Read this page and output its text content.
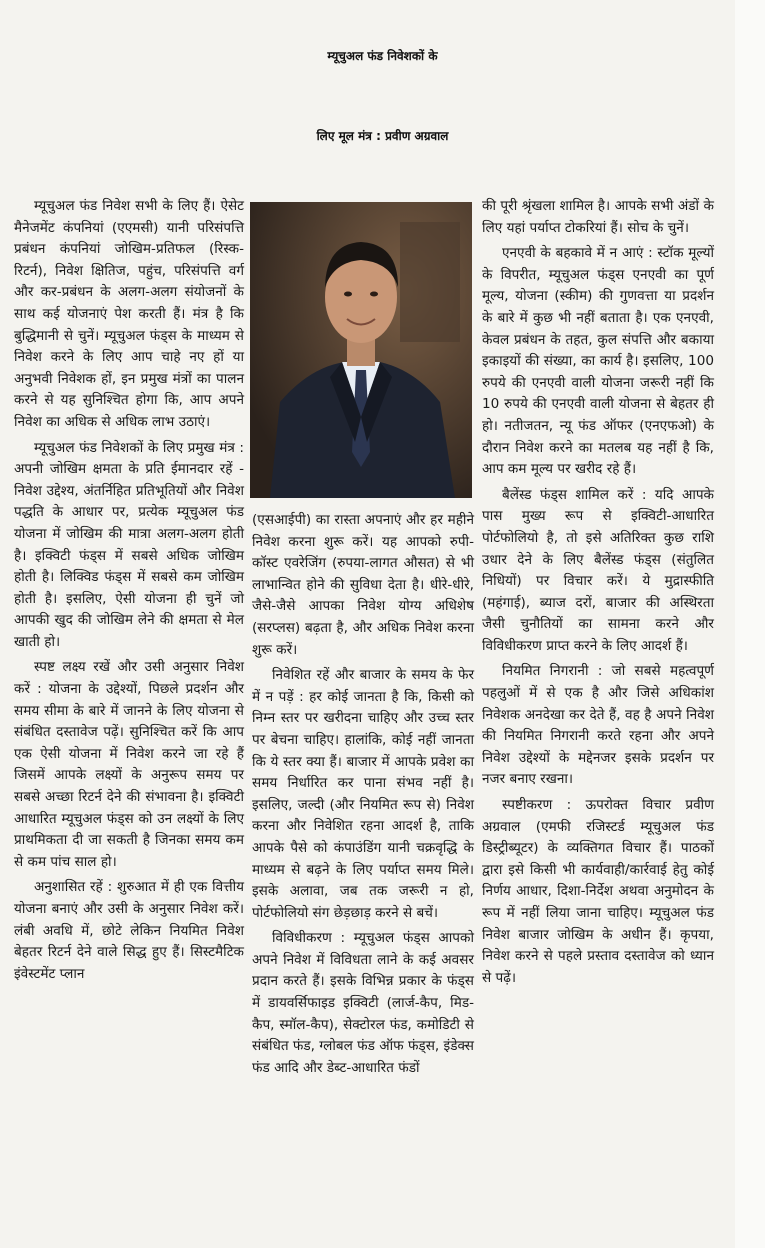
म्यूचुअल फंड निवेशकों के
लिए मूल मंत्र : प्रवीण अग्रवाल

म्यूचुअल फंड निवेश सभी के लिए हैं। ऐसेट मैनेजमेंट कंपनियां (एएमसी) यानी परिसंपत्ति प्रबंधन कंपनियां जोखिम-प्रतिफल (रिस्क-रिटर्न), निवेश क्षितिज, पहुंच, परिसंपत्ति वर्ग और कर-प्रबंधन के अलग-अलग संयोजनों के साथ कई योजनाएं पेश करती हैं। मंत्र है कि बुद्धिमानी से चुनें। म्यूचुअल फंड्स के माध्यम से निवेश करने के लिए आप चाहे नए हों या अनुभवी निवेशक हों, इन प्रमुख मंत्रों का पालन करने से यह सुनिश्चित होगा कि, आप अपने निवेश का अधिक से अधिक लाभ उठाएं।

म्यूचुअल फंड निवेशकों के लिए प्रमुख मंत्र : अपनी जोखिम क्षमता के प्रति ईमानदार रहें - निवेश उद्देश्य, अंतर्निहित प्रतिभूतियों और निवेश पद्धति के आधार पर, प्रत्येक म्यूचुअल फंड योजना में जोखिम की मात्रा अलग-अलग होती है। इक्विटी फंड्स में सबसे अधिक जोखिम होती है। लिक्विड फंड्स में सबसे कम जोखिम होती है। इसलिए, ऐसी योजना ही चुनें जो आपकी खुद की जोखिम लेने की क्षमता से मेल खाती हो।

स्पष्ट लक्ष्य रखें और उसी अनुसार निवेश करें : योजना के उद्देश्यों, पिछले प्रदर्शन और समय सीमा के बारे में जानने के लिए योजना से संबंधित दस्तावेज पढ़ें। सुनिश्चित करें कि आप एक ऐसी योजना में निवेश करने जा रहे हैं जिसमें आपके लक्ष्यों के अनुरूप समय पर सबसे अच्छा रिटर्न देने की संभावना है। इक्विटी आधारित म्यूचुअल फंड्स को उन लक्ष्यों के लिए प्राथमिकता दी जा सकती है जिनका समय कम से कम पांच साल हो।

अनुशासित रहें : शुरुआत में ही एक वित्तीय योजना बनाएं और उसी के अनुसार निवेश करें। लंबी अवधि में, छोटे लेकिन नियमित निवेश बेहतर रिटर्न देने वाले सिद्ध हुए हैं। सिस्टमैटिक इंवेस्टमेंट प्लान

(एसआईपी) का रास्ता अपनाएं और हर महीने निवेश करना शुरू करें। यह आपको रुपी-कॉस्ट एवरेजिंग (रुपया-लागत औसत) से भी लाभान्वित होने की सुविधा देता है। धीरे-धीरे, जैसे-जैसे आपका निवेश योग्य अधिशेष (सरप्लस) बढ़ता है, और अधिक निवेश करना शुरू करें।

निवेशित रहें और बाजार के समय के फेर में न पड़ें : हर कोई जानता है कि, किसी को निम्न स्तर पर खरीदना चाहिए और उच्च स्तर पर बेचना चाहिए। हालांकि, कोई नहीं जानता कि ये स्तर क्या हैं। बाजार में आपके प्रवेश का समय निर्धारित कर पाना संभव नहीं है। इसलिए, जल्दी (और नियमित रूप से) निवेश करना और निवेशित रहना आदर्श है, ताकि आपके पैसे को कंपाउंडिंग यानी चक्रवृद्धि के माध्यम से बढ़ने के लिए पर्याप्त समय मिले। इसके अलावा, जब तक जरूरी न हो, पोर्टफोलियो संग छेड़छाड़ करने से बचें।

विविधीकरण : म्यूचुअल फंड्स आपको अपने निवेश में विविधता लाने के कई अवसर प्रदान करते हैं। इसके विभिन्न प्रकार के फंड्स में डायवर्सिफाइड इक्विटी (लार्ज-कैप, मिड-कैप, स्मॉल-कैप), सेक्टोरल फंड, कमोडिटी से संबंधित फंड, ग्लोबल फंड ऑफ फंड्स, इंडेक्स फंड आदि और डेब्ट-आधारित फंडों

की पूरी श्रृंखला शामिल है। आपके सभी अंडों के लिए यहां पर्याप्त टोकरियां हैं। सोच के चुनें।

एनएवी के बहकावे में न आएं : स्टॉक मूल्यों के विपरीत, म्यूचुअल फंड्स एनएवी का पूर्ण मूल्य, योजना (स्कीम) की गुणवत्ता या प्रदर्शन के बारे में कुछ भी नहीं बताता है। एक एनएवी, केवल प्रबंधन के तहत, कुल संपत्ति और बकाया इकाइयों की संख्या, का कार्य है। इसलिए, 100 रुपये की एनएवी वाली योजना जरूरी नहीं कि 10 रुपये की एनएवी वाली योजना से बेहतर ही हो। नतीजतन, न्यू फंड ऑफर (एनएफओ) के दौरान निवेश करने का मतलब यह नहीं है कि, आप कम मूल्य पर खरीद रहे हैं।

बैलेंस्ड फंड्स शामिल करें : यदि आपके पास मुख्य रूप से इक्विटी-आधारित पोर्टफोलियो है, तो इसे अतिरिक्त कुछ राशि उधार देने के लिए बैलेंस्ड फंड्स (संतुलित निधियों) पर विचार करें। ये मुद्रास्फीति (महंगाई), ब्याज दरों, बाजार की अस्थिरता जैसी चुनौतियों का सामना करने और विविधीकरण प्राप्त करने के लिए आदर्श हैं।

नियमित निगरानी : जो सबसे महत्वपूर्ण पहलुओं में से एक है और जिसे अधिकांश निवेशक अनदेखा कर देते हैं, वह है अपने निवेश की नियमित निगरानी करते रहना और अपने निवेश उद्देश्यों के मद्देनजर इसके प्रदर्शन पर नजर बनाए रखना।

स्पष्टीकरण : ऊपरोक्त विचार प्रवीण अग्रवाल (एमफी रजिस्टर्ड म्यूचुअल फंड डिस्ट्रीब्यूटर) के व्यक्तिगत विचार हैं। पाठकों द्वारा इसे किसी भी कार्यवाही/कार्रवाई हेतु कोई निर्णय आधार, दिशा-निर्देश अथवा अनुमोदन के रूप में नहीं लिया जाना चाहिए। म्यूचुअल फंड निवेश बाजार जोखिम के अधीन हैं। कृपया, निवेश करने से पहले प्रस्ताव दस्तावेज को ध्यान से पढ़ें।
